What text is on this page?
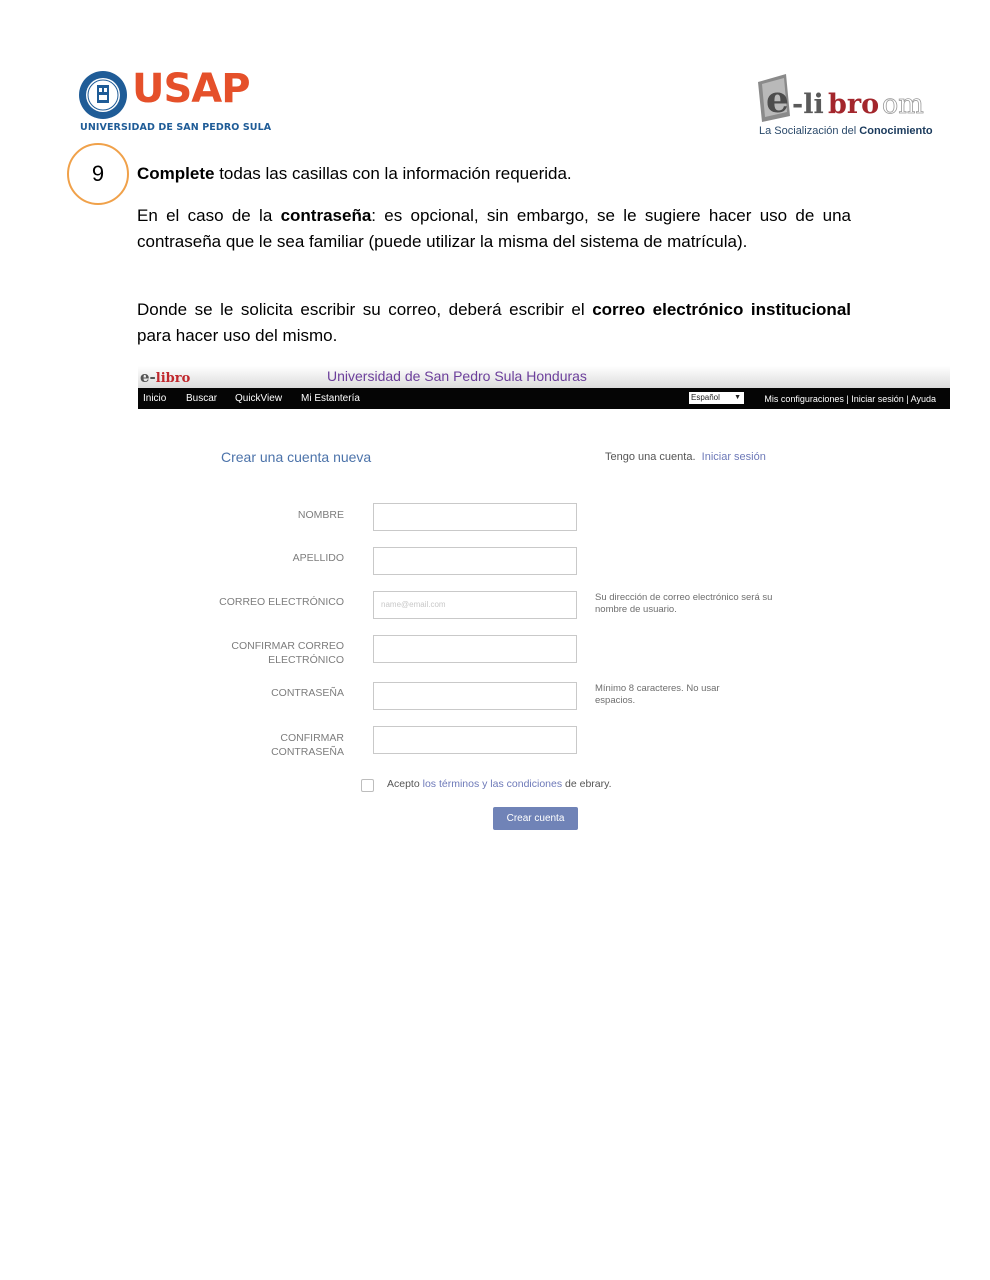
USAP
UNIVERSIDAD DE SAN PEDRO SULA
e -li bro om
La Socialización del Conocimiento
9	Complete todas las casillas con la información requerida.
En el caso de la contraseña: es opcional, sin embargo, se le sugiere hacer uso de una contraseña que le sea familiar (puede utilizar la misma del sistema de matrícula).
Donde se le solicita escribir su correo, deberá escribir el correo electrónico institucional para hacer uso del mismo.
e-libro	Universidad de San Pedro Sula Honduras
Inicio Buscar QuickView Mi Estantería	Español ▼	Mis configuraciones | Iniciar sesión | Ayuda
Crear una cuenta nueva	Tengo una cuenta. Iniciar sesión
NOMBRE
APELLIDO
CORREO ELECTRÓNICO	name@email.com
Su dirección de correo electrónico será su nombre de usuario.
CONFIRMAR CORREO
ELECTRÓNICO
CONTRASEÑA	Mínimo 8 caracteres. No usar espacios.
CONFIRMAR
CONTRASEÑA
Acepto los términos y las condiciones de ebrary.
Crear cuenta
